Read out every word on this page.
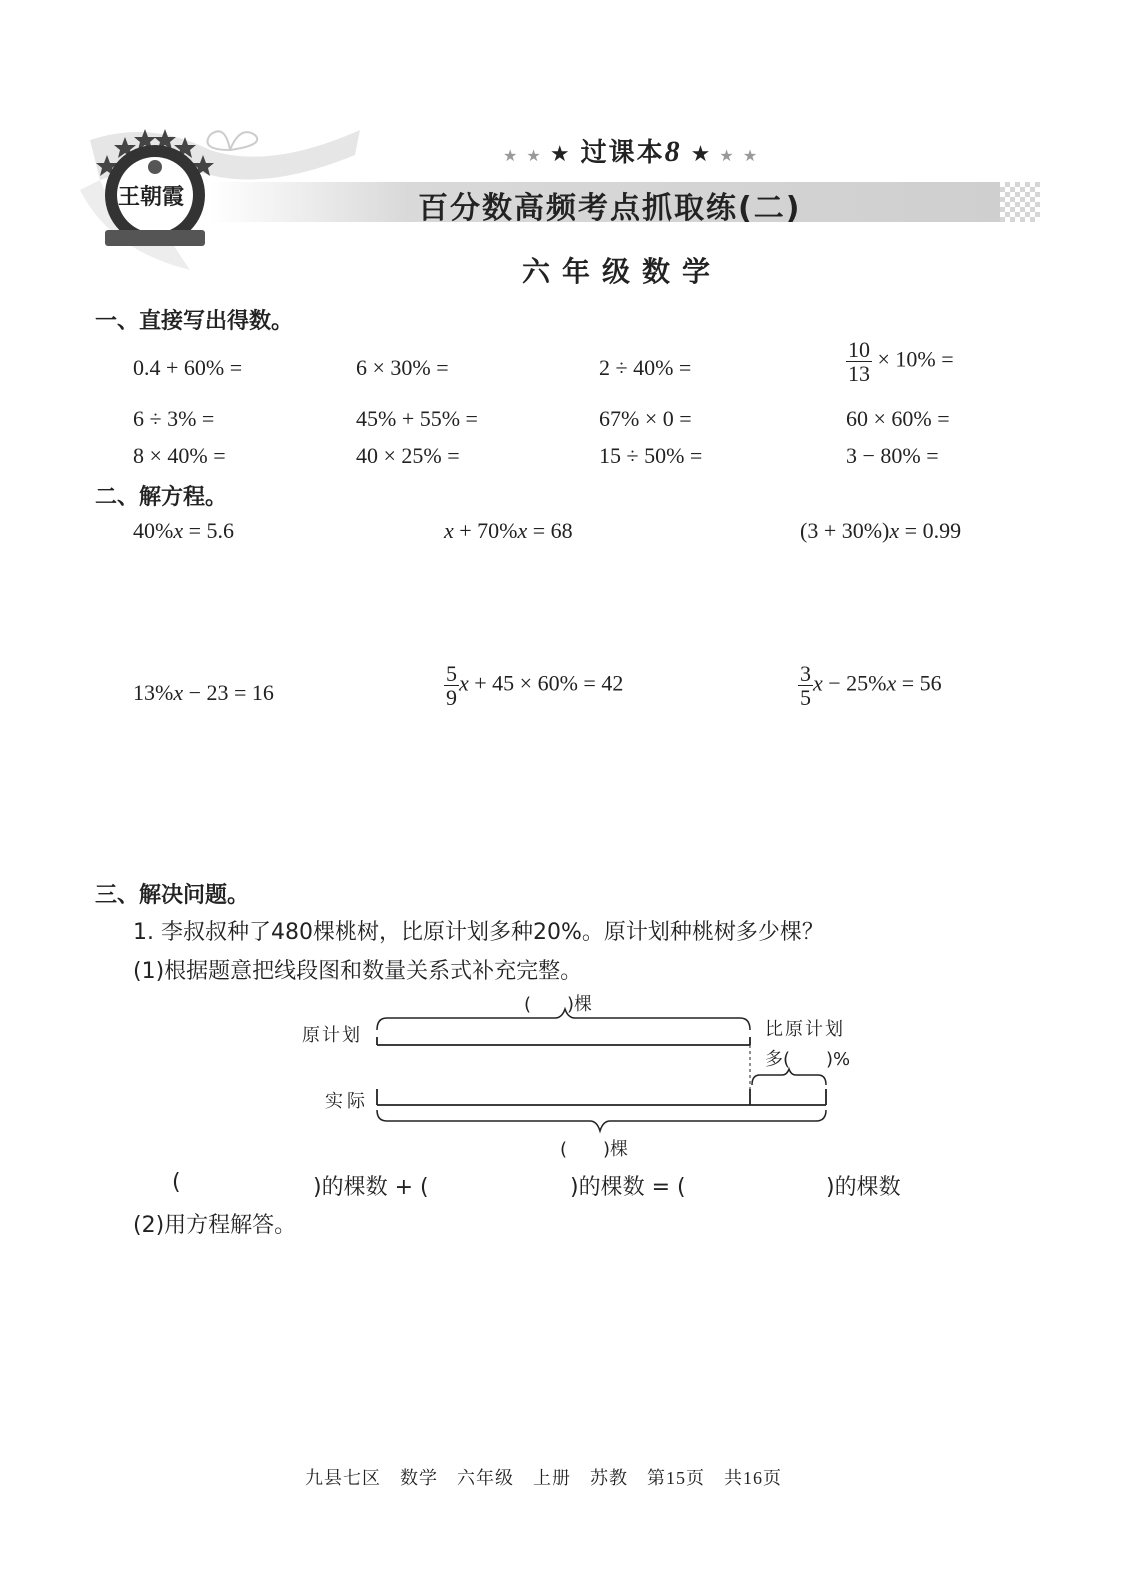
王朝霞
★ ★ ★ 过课本8 ★ ★ ★
百分数高频考点抓取练(二)
六年级数学
一、直接写出得数。
0.4 + 60% =	6 × 30% =	2 ÷ 40% =	$\frac{10}{13} \times 10\%$ =
6 ÷ 3% =	45% + 55% =	67% × 0 =	60 × 60% =
8 × 40% =	40 × 25% =	15 ÷ 50% =	3 − 80% =
二、解方程。
40%x = 5.6	x + 70%x = 68	(3 + 30%)x = 0.99
13%x − 23 = 16	$\frac{5}{9}$ x + 45 × 60% = 42	$\frac{3}{5}$ x − 25%x = 56
三、解决问题。
1. 李叔叔种了480棵桃树，比原计划多种20%。原计划种桃树多少棵？
(1)根据题意把线段图和数量关系式补充完整。
(　　)棵
原计划	比原计划
多(　　)%
实际
(　　)棵
(	)的棵数 + (	)的棵数 = (	)的棵数
(2)用方程解答。
九县七区　数学　六年级　上册　苏教　第15页　共16页
